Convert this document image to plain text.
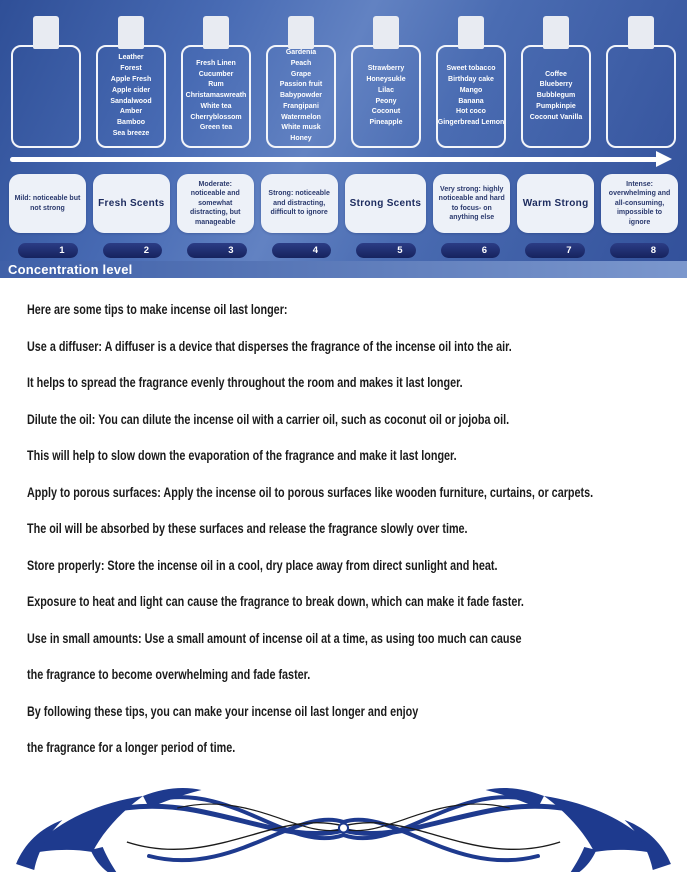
Leather
Forest
Apple Fresh
Apple cider
Sandalwood
Amber
Bamboo
Sea breeze
Fresh Linen
Cucumber
Rum
Christamaswreath
White tea
Cherryblossom
Green tea
Gardenia
Peach
Grape
Passion fruit
Babypowder
Frangipani
Watermelon
White musk
Honey
Strawberry
Honeysukle
Lilac
Peony
Coconut
Pineapple
Sweet tobacco
Birthday cake
Mango
Banana
Hot coco
Gingerbread Lemon
Coffee
Blueberry
Bubblegum
Pumpkinpie
Coconut Vanilla
Mild: noticeable but not strong	Fresh Scents
Moderate: noticeable and somewhat distracting, but manageable
Strong: noticeable and distracting, difficult to ignore
Strong Scents
Very strong: highly noticeable and hard to focus- on anything else
Warm Strong
Intense: overwhelming and all-consuming, impossible to ignore
1	2	3	4	5	6	7	8
Concentration level

Here are some tips to make incense oil last longer:

Use a diffuser: A diffuser is a device that disperses the fragrance of the incense oil into the air.

It helps to spread the fragrance evenly throughout the room and makes it last longer.

Dilute the oil: You can dilute the incense oil with a carrier oil, such as coconut oil or jojoba oil.

This will help to slow down the evaporation of the fragrance and make it last longer.

Apply to porous surfaces: Apply the incense oil to porous surfaces like wooden furniture, curtains, or carpets.

The oil will be absorbed by these surfaces and release the fragrance slowly over time.

Store properly: Store the incense oil in a cool, dry place away from direct sunlight and heat.

Exposure to heat and light can cause the fragrance to break down, which can make it fade faster.

Use in small amounts: Use a small amount of incense oil at a time, as using too much can cause

the fragrance to become overwhelming and fade faster.

By following these tips, you can make your incense oil last longer and enjoy

the fragrance for a longer period of time.
